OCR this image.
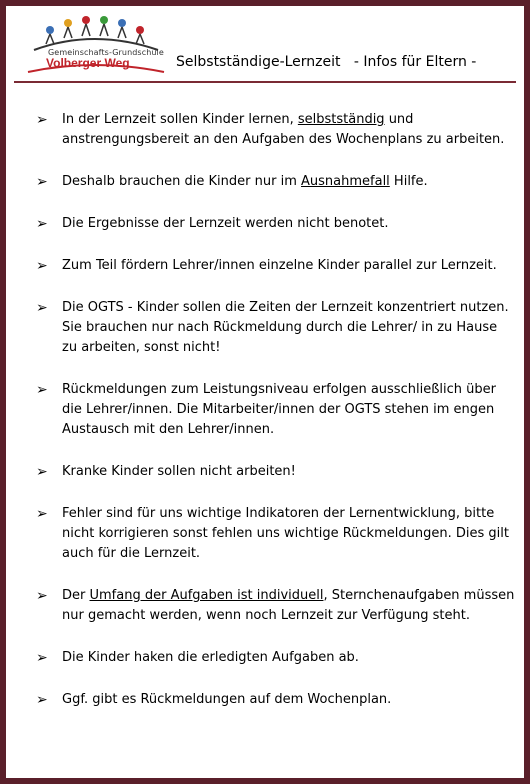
Gemeinschafts-Grundschule
Volberger Weg	Selbstständige-Lernzeit   - Infos für Eltern -
➢ In der Lernzeit sollen Kinder lernen, selbstständig und anstrengungsbereit an den Aufgaben des Wochenplans zu arbeiten.
➢ Deshalb brauchen die Kinder nur im Ausnahmefall Hilfe.
➢ Die Ergebnisse der Lernzeit werden nicht benotet.
➢ Zum Teil fördern Lehrer/innen einzelne Kinder parallel zur Lernzeit.
➢ Die OGTS - Kinder sollen die Zeiten der Lernzeit konzentriert nutzen. Sie brauchen nur nach Rückmeldung durch die Lehrer/ in zu Hause zu arbeiten, sonst nicht!
➢ Rückmeldungen zum Leistungsniveau erfolgen ausschließlich über die Lehrer/innen. Die Mitarbeiter/innen der OGTS stehen im engen Austausch mit den Lehrer/innen.
➢ Kranke Kinder sollen nicht arbeiten!
➢ Fehler sind für uns wichtige Indikatoren der Lernentwicklung, bitte nicht korrigieren sonst fehlen uns wichtige Rückmeldungen. Dies gilt auch für die Lernzeit.
➢ Der Umfang der Aufgaben ist individuell, Sternchenaufgaben müssen nur gemacht werden, wenn noch Lernzeit zur Verfügung steht.
➢ Die Kinder haken die erledigten Aufgaben ab.
➢ Ggf. gibt es Rückmeldungen auf dem Wochenplan.
